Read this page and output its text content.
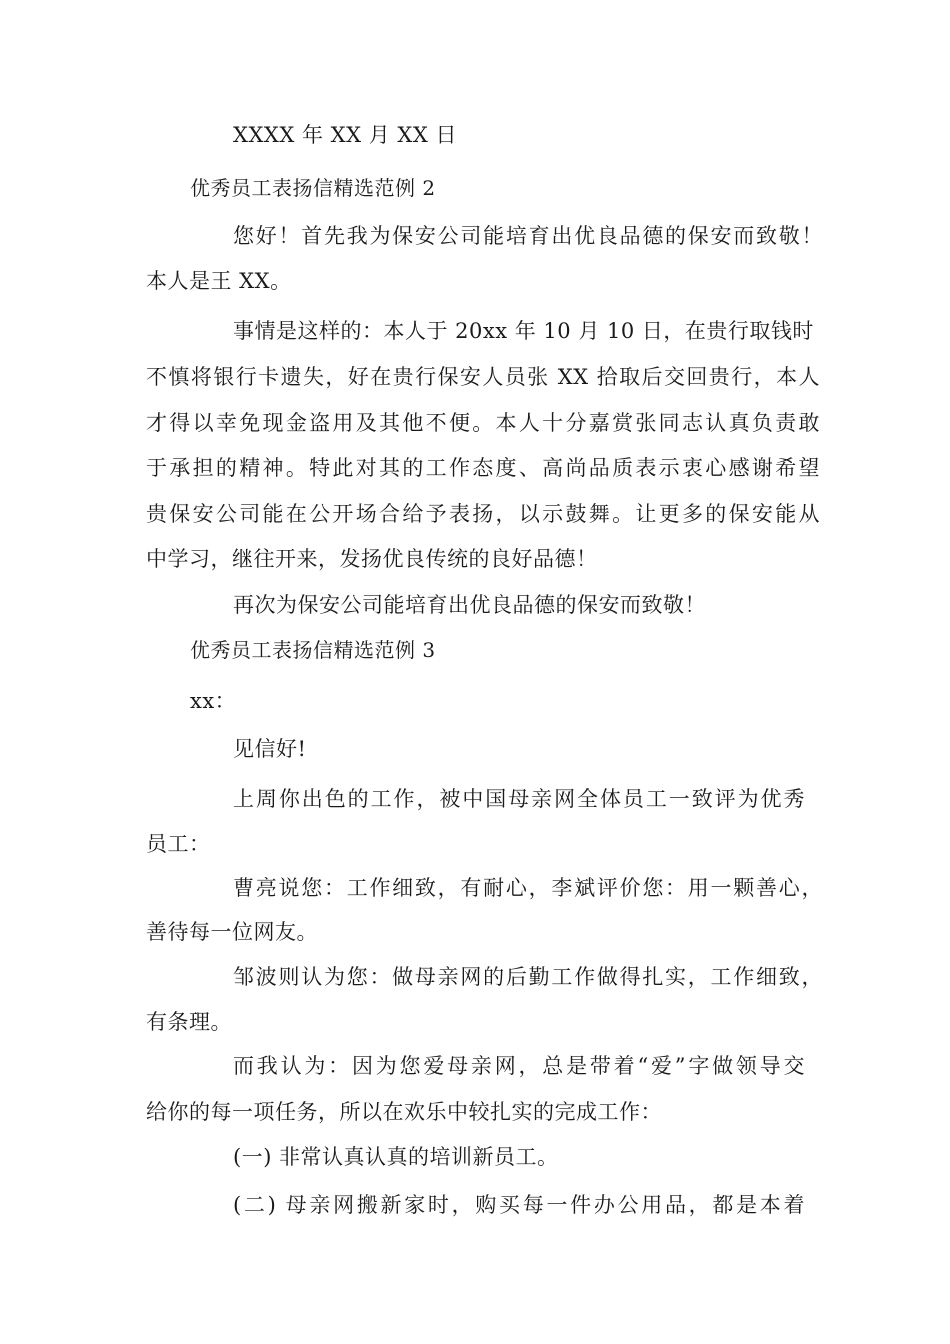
XXXX 年 XX 月 XX 日
优秀员工表扬信精选范例 2
您好！首先我为保安公司能培育出优良品德的保安而致敬！
本人是王 XX。
事情是这样的：本人于 20xx 年 10 月 10 日，在贵行取钱时
不慎将银行卡遗失，好在贵行保安人员张 XX 拾取后交回贵行，本人
才得以幸免现金盗用及其他不便。本人十分嘉赏张同志认真负责敢
于承担的精神。特此对其的工作态度、高尚品质表示衷心感谢希望
贵保安公司能在公开场合给予表扬，以示鼓舞。让更多的保安能从
中学习，继往开来，发扬优良传统的良好品德！
再次为保安公司能培育出优良品德的保安而致敬！
优秀员工表扬信精选范例 3
xx：
见信好!
上周你出色的工作，被中国母亲网全体员工一致评为优秀
员工：
曹亮说您：工作细致，有耐心，李斌评价您：用一颗善心，
善待每一位网友。
邹波则认为您：做母亲网的后勤工作做得扎实，工作细致，
有条理。
而我认为：因为您爱母亲网，总是带着“爱”字做领导交
给你的每一项任务，所以在欢乐中较扎实的完成工作：
(一) 非常认真认真的培训新员工。
(二) 母亲网搬新家时，购买每一件办公用品，都是本着
